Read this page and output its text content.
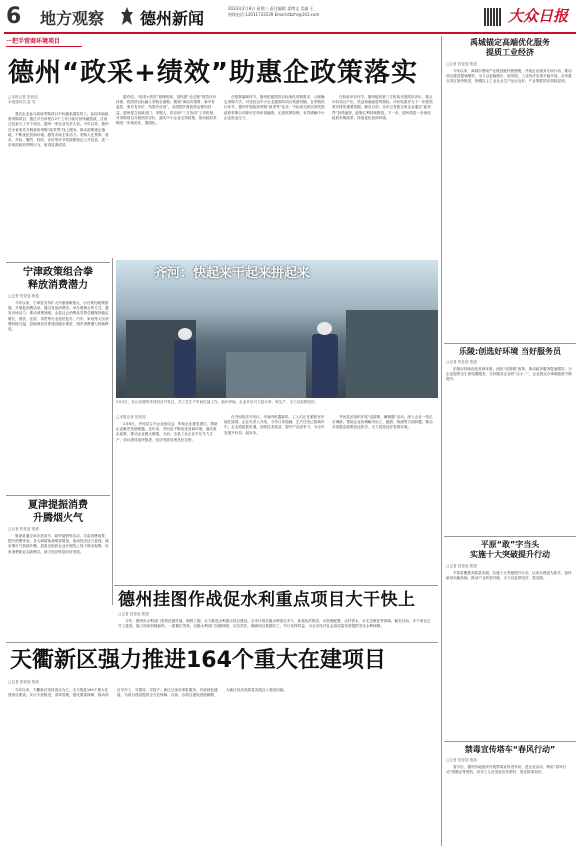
6	地方观察 德州新闻
2023年2月8日 星期三 责任编辑 姜博文 美编 王
热线电话:13011733539 Email:dbzhl@163.com	大众日报
一把手营商环境项目
德州“政采+绩效”助惠企政策落实
□本报记者 贺爱迎
本报通讯员 雷 雪
我们企业参与政府采购项目中标越来越容易了。参加本地政府采购项目，通过平台申报仅2个工作日就可获得融资款，目前已经参与了多个项目。德州一家企业负责人说。今年以来，德州在全省率先开展政府采购“政采贷”线上服务，推动政策惠企落地，不断优化营商环境，激发市场主体活力。采购人在预算、需求、开标、履约、验收、评价等环节均按照规定公开信息，进一步规范政府采购行为，取得显著成效。
据介绍，“政采+绩效”管理机制，是构建“全过程”绩效评价体系，将绩效目标融入采购全流程，做到“事前有预算、事中有监控、事后有评价、结果有应用”，全面提升财政资金使用效益。德州建立财政部门、采购人、供应商“三方协同”工作机制，对采购项目开展绩效评价，落实中小企业支持政策，推动政府采购进一步规范化、透明化。
在预算编制环节，德州依据绩效目标细化采购需求，合理确定采购方式，对适宜由中小企业提供的项目预留份额。在采购执行环节，德州开展政府采购“政采贷”业务，中标成交供应商凭借政府采购合同即可在线申请融资，无需抵押担保，有效缓解中小企业资金压力。
在验收评价环节，德州组织第三方机构开展绩效评价，重点评价项目产出、效益和满意度等指标，评价结果作为下一年度预算安排的重要依据。截至目前，全市已有数百家企业通过“政采贷”获得融资，政策红利持续释放。下一步，德州将进一步深化政府采购改革，持续优化营商环境。
宁津政策组合拳
释放消费潜力
□记者 贺爱迎 报道
今年以来，宁津县坚持扩大内需战略基点，出台系列政策措施，开展促消费活动，通过发放消费券、举办展销会等方式，激发市场活力，推动消费回暖。全县社会消费品零售总额保持稳定增长，餐饮、住宿、零售等行业加快复苏，汽车、家电等大宗消费持续升温，县域商业体系建设稳步推进，城乡消费潜力持续释放。
夏津提振消费
升腾烟火气
□记者 贺爱迎 报道
夏津县通过举办美食节、商贸促销等活动，丰富消费场景，提升消费体验。各大商超客流明显增加，夜间经济活力显现，城市烟火气持续升腾。县里还组织企业开展线上线下联动促销，培育消费新业态新模式，助力经济恢复向好发展。
齐河：快起来干起来拼起来
2月5日，在山东德州齐河经济开发区，员工在生产车间忙碌工作。新年伊始，企业开足马力抢订单、保生产，全力以赴拼经济。
□本报记者 贺爱迎
2月6日，齐河县召开企业座谈会，听取企业意见建议，帮助企业解决发展难题。近年来，齐河县不断优化营商环境，落实惠企政策，推动企业做大做强。当前，全县工业企业开足马力生产，项目建设加快推进，经济发展呈现良好态势。
在齐河经济开发区，车间内机器轰鸣，工人们正在紧张有序地忙碌着。企业负责人介绍，今年订单饱满，生产任务已排到年中。企业将抢抓机遇，加快技术改造，提升产品竞争力，为全年发展开好局、起好步。
齐河县还组织开展“送政策、解难题”活动，深入企业一线走访调研，帮助企业协调解决用工、融资、物流等方面问题，推动各项惠企政策直达快享，全力营造良好发展环境。
德州挂图作战促水利重点项目大干快上
□记者 贺爱迎 报道
今年，德州市水利部门坚持挂图作战，倒排工期，全力推进水利重点项目建设。全市计划实施水利项目多个，涉及防洪排涝、水资源配置、农村供水、水生态修复等领域。截至目前，多个项目已开工建设，施工现场机械轰鸣，一派繁忙景象。各级水利部门加强调度，压实责任，确保项目按期完工、早日发挥效益，为全市经济社会高质量发展提供坚实水利保障。
天衢新区强力推进164个重大在建项目
□记者 贺爱迎 报道
今年以来，天衢新区坚持项目为王，全力推进164个重大在建项目建设，实行专班推进、清单管理，强化要素保障，推动项目早开工、早建设、早投产。新区还优化审批服务，开辟绿色通道，为项目建设提供全方位保障。目前，各项目建设进展顺利，为新区经济高质量发展注入强劲动能。
禹城锚定高端优化服务
提质工业经济
□记者 贺爱迎 报道
今年以来，禹城市围绕产业链延链补链强链，开展企业服务专项行动，推动项目建设提速增效，全力以赴稳增长、促发展，工业经济实现平稳开局。全市重点项目加快推进，规模以上工业企业生产运行良好，产业集群效应持续显现。
乐陵:创选好环境 当好服务员
□记者 贺爱迎 报道
乐陵市持续优化营商环境，深化“放管服”改革，推动政务服务提速增效，为企业提供全生命周期服务，当好服务企业的“店小二”，企业群众办事满意度不断提升。
平原“敢”字当头
实施十大突破提升行动
□记者 贺爱迎 报道
平原县聚焦高质量发展，实施十大突破提升行动，以项目建设为抓手，加快新旧动能转换，推动产业转型升级，全力以赴拼经济、抓发展。
禁毒宣传塔车“春风行动”
□记者 贺爱迎 报道
春节后，德州各地组织开展禁毒宣传进车站、进企业活动，利用“春风行动”招聘会等契机，向务工人员发放宣传资料，普及禁毒知识。
